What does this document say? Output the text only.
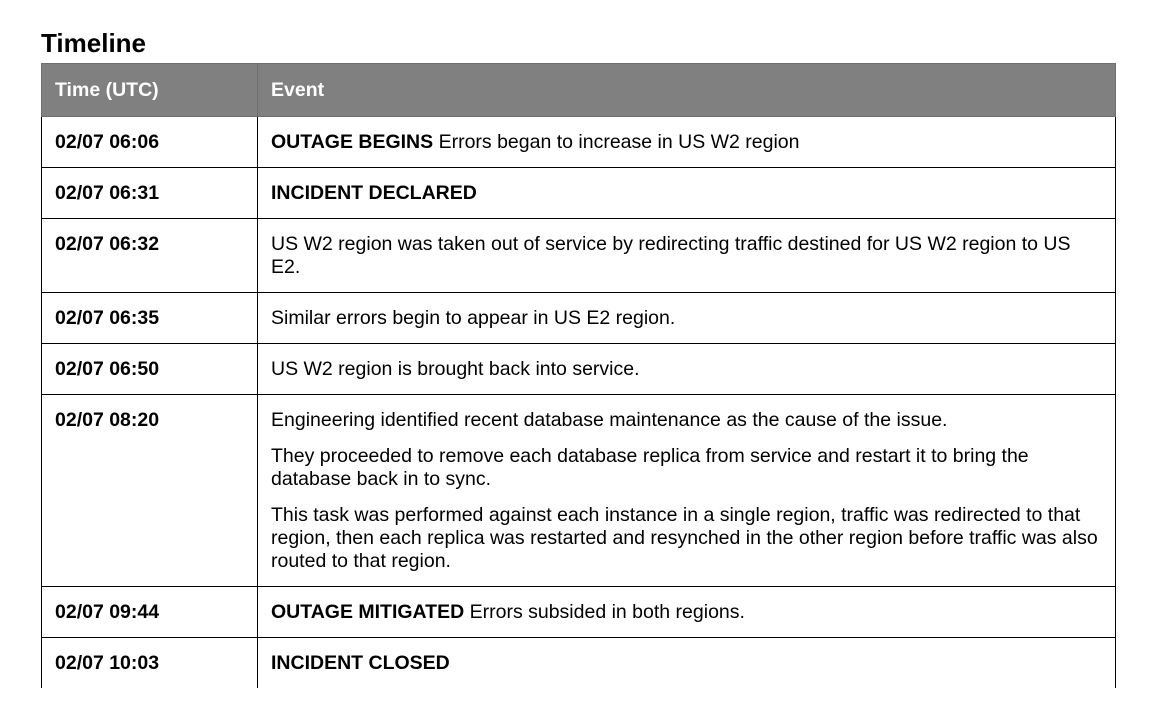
Timeline
Time (UTC)	Event
02/07 06:06	OUTAGE BEGINS Errors began to increase in US W2 region
02/07 06:31	INCIDENT DECLARED
02/07 06:32	US W2 region was taken out of service by redirecting traffic destined for US W2 region to US E2.

02/07 06:35	Similar errors begin to appear in US E2 region.

02/07 06:50	US W2 region is brought back into service.

02/07 08:20	Engineering identified recent database maintenance as the cause of the issue.
They proceeded to remove each database replica from service and restart it to bring the database back in to sync.
This task was performed against each instance in a single region, traffic was redirected to that region, then each replica was restarted and resynched in the other region before traffic was also routed to that region.

02/07 09:44	OUTAGE MITIGATED Errors subsided in both regions.
02/07 10:03	INCIDENT CLOSED
